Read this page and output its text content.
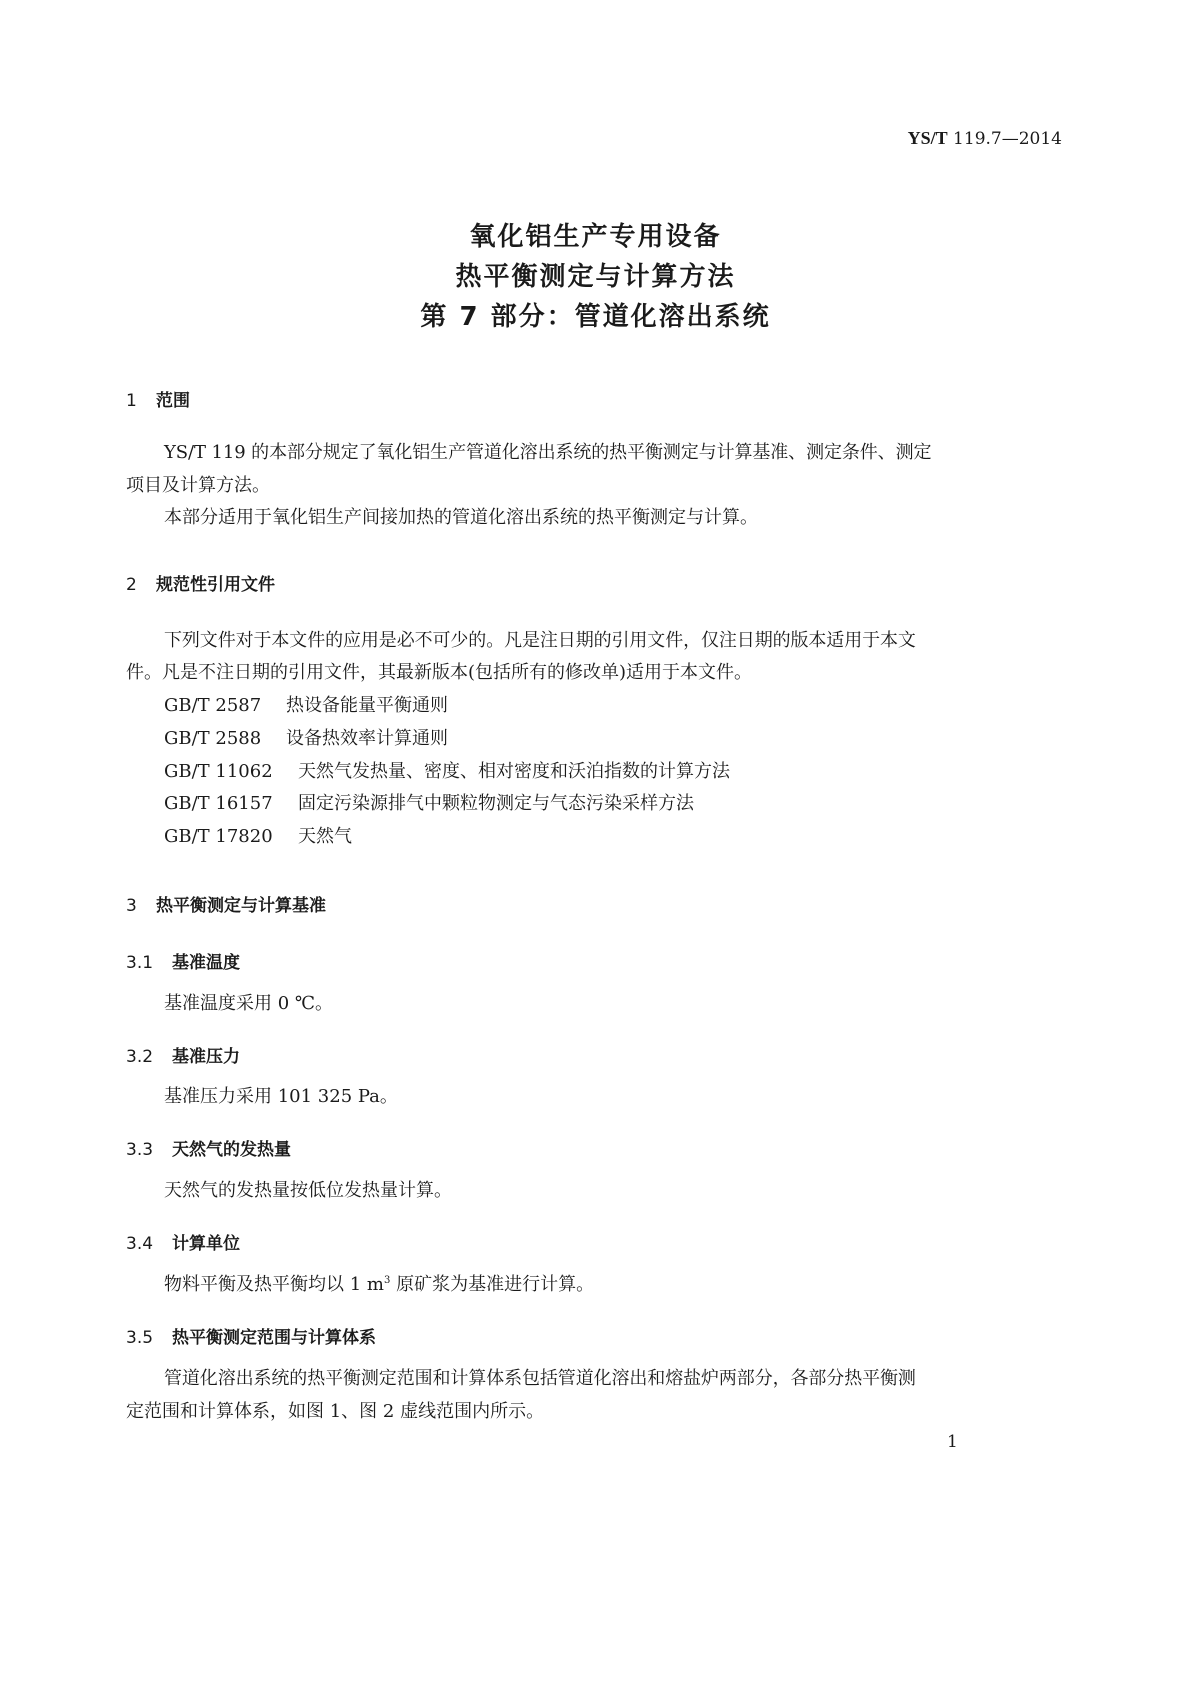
YS/T 119.7—2014
氧化铝生产专用设备
热平衡测定与计算方法
第 7 部分：管道化溶出系统
1 范围
YS/T 119 的本部分规定了氧化铝生产管道化溶出系统的热平衡测定与计算基准、测定条件、测定
项目及计算方法。
本部分适用于氧化铝生产间接加热的管道化溶出系统的热平衡测定与计算。
2 规范性引用文件
下列文件对于本文件的应用是必不可少的。凡是注日期的引用文件，仅注日期的版本适用于本文
件。凡是不注日期的引用文件，其最新版本(包括所有的修改单)适用于本文件。
GB/T 2587 热设备能量平衡通则
GB/T 2588 设备热效率计算通则
GB/T 11062 天然气发热量、密度、相对密度和沃泊指数的计算方法
GB/T 16157 固定污染源排气中颗粒物测定与气态污染采样方法
GB/T 17820 天然气
3 热平衡测定与计算基准
3.1 基准温度
基准温度采用 0 ℃。
3.2 基准压力
基准压力采用 101 325 Pa。
3.3 天然气的发热量
天然气的发热量按低位发热量计算。
3.4 计算单位
物料平衡及热平衡均以 1 $m^3$ 原矿浆为基准进行计算。
3.5 热平衡测定范围与计算体系
管道化溶出系统的热平衡测定范围和计算体系包括管道化溶出和熔盐炉两部分，各部分热平衡测
定范围和计算体系，如图 1、图 2 虚线范围内所示。
1
